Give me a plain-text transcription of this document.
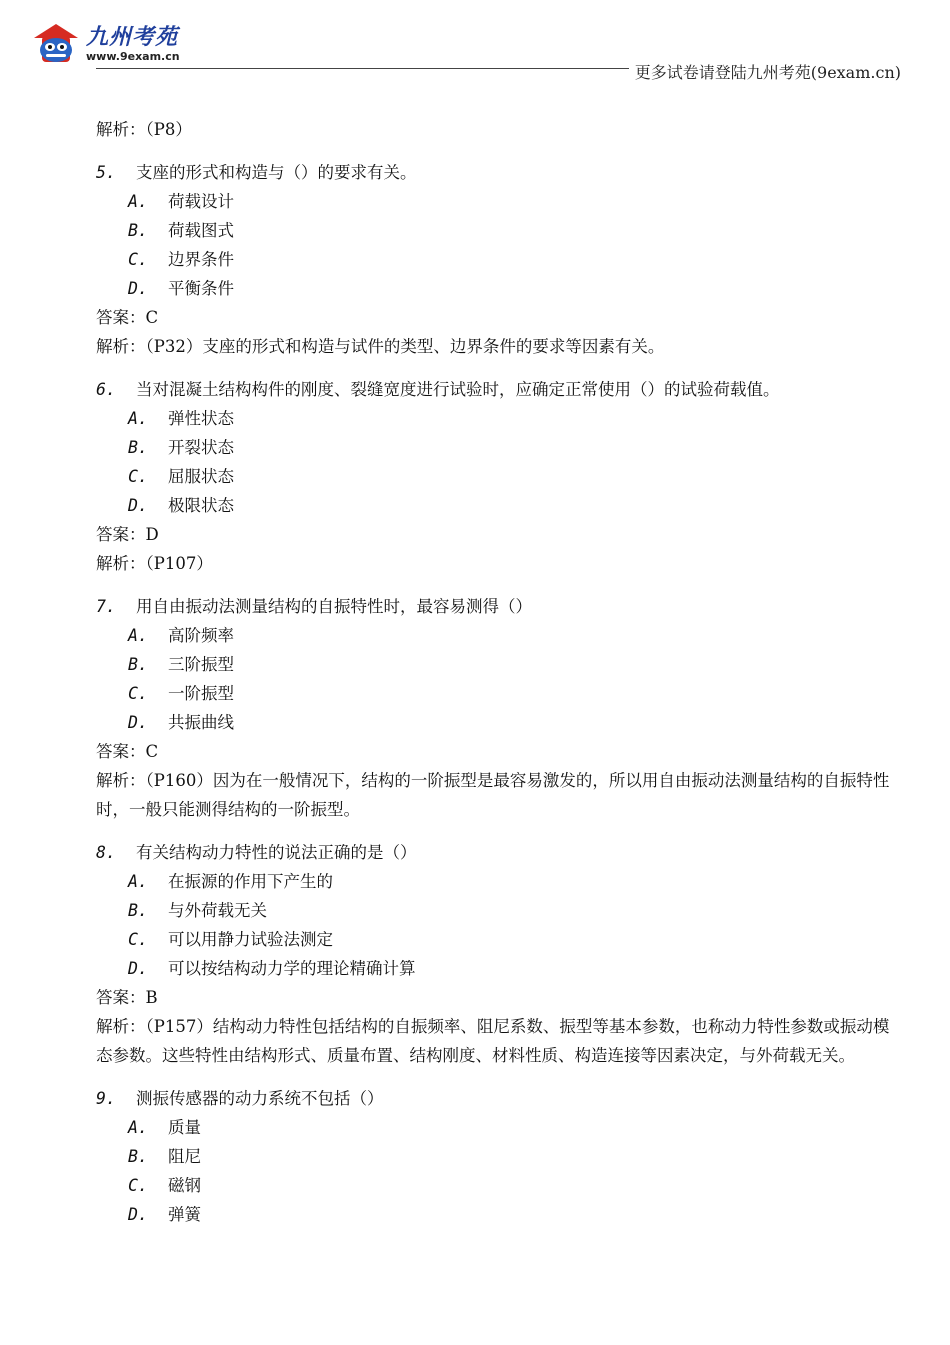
九州考苑
www.9exam.cn
更多试卷请登陆九州考苑(9exam.cn)
解析：（P8）
5. 支座的形式和构造与（）的要求有关。
A. 荷载设计
B. 荷载图式
C. 边界条件
D. 平衡条件
答案：C
解析：（P32）支座的形式和构造与试件的类型、边界条件的要求等因素有关。
6. 当对混凝土结构构件的刚度、裂缝宽度进行试验时，应确定正常使用（）的试验荷载值。
A. 弹性状态
B. 开裂状态
C. 屈服状态
D. 极限状态
答案：D
解析：（P107）
7. 用自由振动法测量结构的自振特性时，最容易测得（）
A. 高阶频率
B. 三阶振型
C. 一阶振型
D. 共振曲线
答案：C
解析：（P160）因为在一般情况下，结构的一阶振型是最容易激发的，所以用自由振动法测量结构的自振特性时，一般只能测得结构的一阶振型。
8. 有关结构动力特性的说法正确的是（）
A. 在振源的作用下产生的
B. 与外荷载无关
C. 可以用静力试验法测定
D. 可以按结构动力学的理论精确计算
答案：B
解析：（P157）结构动力特性包括结构的自振频率、阻尼系数、振型等基本参数，也称动力特性参数或振动模态参数。这些特性由结构形式、质量布置、结构刚度、材料性质、构造连接等因素决定，与外荷载无关。
9. 测振传感器的动力系统不包括（）
A. 质量
B. 阻尼
C. 磁钢
D. 弹簧
